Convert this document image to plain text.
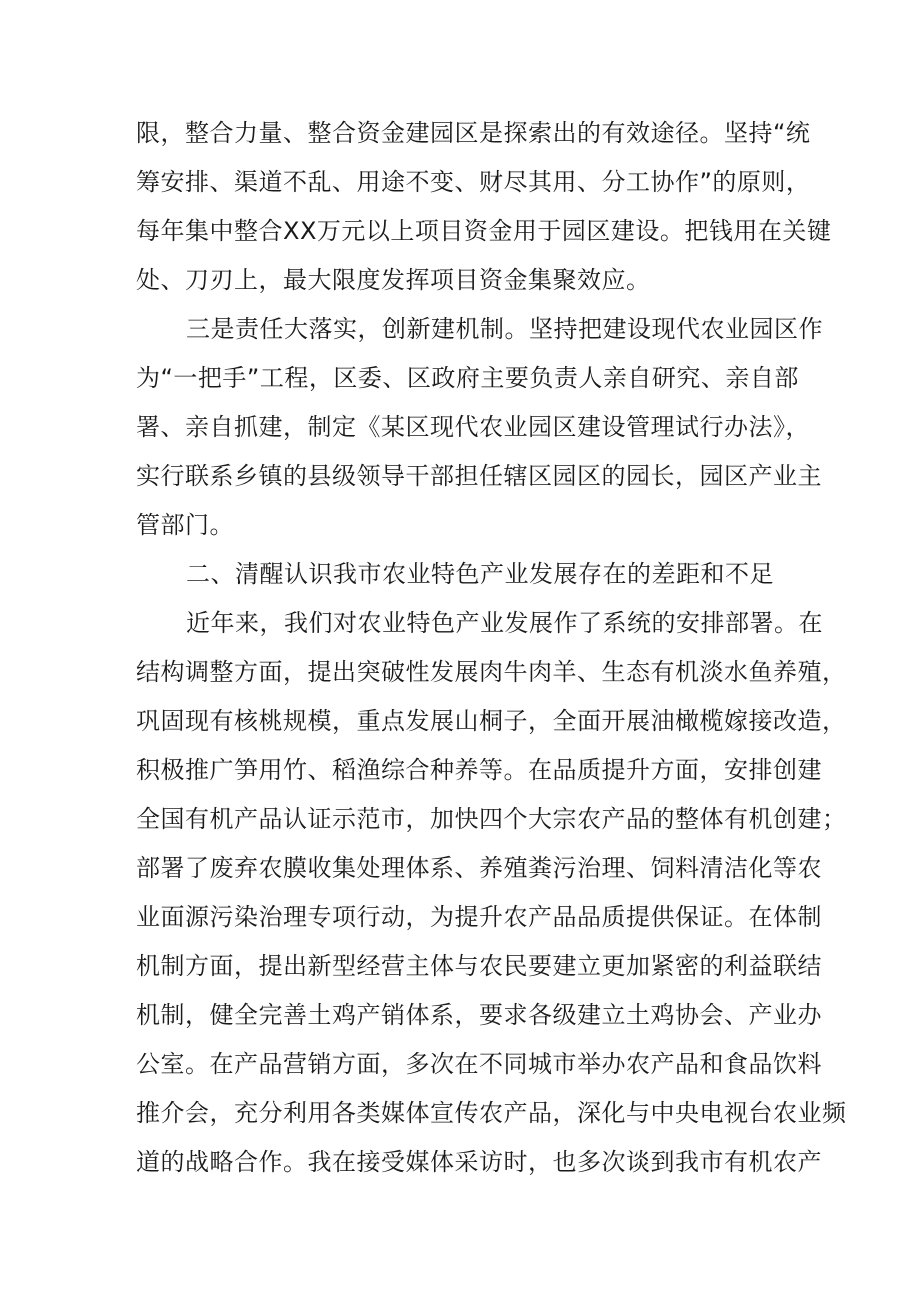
限，整合力量、整合资金建园区是探索出的有效途径。坚持“统
筹安排、渠道不乱、用途不变、财尽其用、分工协作”的原则，
每年集中整合XX万元以上项目资金用于园区建设。把钱用在关键
处、刀刃上，最大限度发挥项目资金集聚效应。
三是责任大落实，创新建机制。坚持把建设现代农业园区作
为“一把手”工程，区委、区政府主要负责人亲自研究、亲自部
署、亲自抓建，制定《某区现代农业园区建设管理试行办法》，
实行联系乡镇的县级领导干部担任辖区园区的园长，园区产业主
管部门。
二、清醒认识我市农业特色产业发展存在的差距和不足
近年来，我们对农业特色产业发展作了系统的安排部署。在
结构调整方面，提出突破性发展肉牛肉羊、生态有机淡水鱼养殖，
巩固现有核桃规模，重点发展山桐子，全面开展油橄榄嫁接改造，
积极推广笋用竹、稻渔综合种养等。在品质提升方面，安排创建
全国有机产品认证示范市，加快四个大宗农产品的整体有机创建；
部署了废弃农膜收集处理体系、养殖粪污治理、饲料清洁化等农
业面源污染治理专项行动，为提升农产品品质提供保证。在体制
机制方面，提出新型经营主体与农民要建立更加紧密的利益联结
机制，健全完善土鸡产销体系，要求各级建立土鸡协会、产业办
公室。在产品营销方面，多次在不同城市举办农产品和食品饮料
推介会，充分利用各类媒体宣传农产品，深化与中央电视台农业频
道的战略合作。我在接受媒体采访时，也多次谈到我市有机农产
